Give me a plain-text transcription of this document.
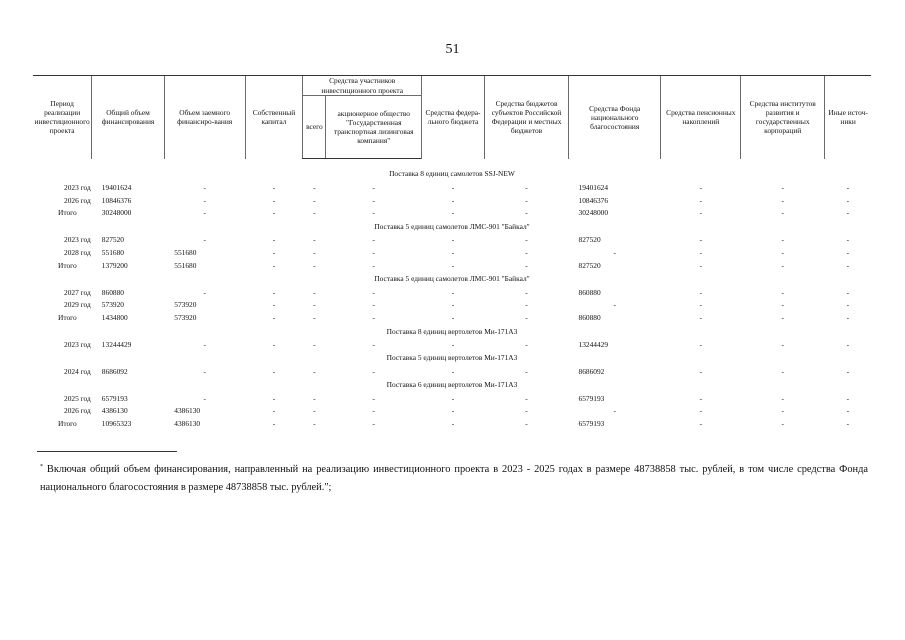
51
Период реализации инвестиционного проекта	Общий объем финансирования	Объем заемного финансиро-вания	Собственный капитал	Средства участников инвестиционного проекта		Средства федера-льного бюджета	Средства бюджетов субъектов Российской Федерации и местных бюджетов	Средства Фонда национального благосостояния	Средства пенсионных накоплений	Средства институтов развития и государственных корпораций	Иные источ-ники
				всего	акционерное общество "Государственная транспортная лизинговая компания"						

Поставка 8 единиц самолетов SSJ-NEW											
2023 год	19401624	-	-	-	-	-	-	19401624	-	-	-
2026 год	10846376	-	-	-	-	-	-	10846376	-	-	-
Итого	30248000	-	-	-	-	-	-	30248000	-	-	-
Поставка 5 единиц самолетов ЛМС-901 "Байкал"											
2023 год	827520	-	-	-	-	-	-	827520	-	-	-
2028 год	551680	551680	-	-	-	-	-	-	-	-	-
Итого	1379200	551680	-	-	-	-	-	827520	-	-	-
Поставка 5 единиц самолетов ЛМС-901 "Байкал"											
2027 год	860880	-	-	-	-	-	-	860880	-	-	-
2029 год	573920	573920	-	-	-	-	-	-	-	-	-
Итого	1434800	573920	-	-	-	-	-	860880	-	-	-
Поставка 8 единиц вертолетов Ми-171А3											
2023 год	13244429	-	-	-	-	-	-	13244429	-	-	-
Поставка 5 единиц вертолетов Ми-171А3											
2024 год	8686092	-	-	-	-	-	-	8686092	-	-	-
Поставка 6 единиц вертолетов Ми-171А3											
2025 год	6579193	-	-	-	-	-	-	6579193	-	-	-
2026 год	4386130	4386130	-	-	-	-	-	-	-	-	-
Итого	10965323	4386130	-	-	-	-	-	6579193	-	-	-
* Включая общий объем финансирования, направленный на реализацию инвестиционного проекта в 2023 - 2025 годах в размере 48738858 тыс. рублей, в том числе средства Фонда национального благосостояния в размере 48738858 тыс. рублей.";
